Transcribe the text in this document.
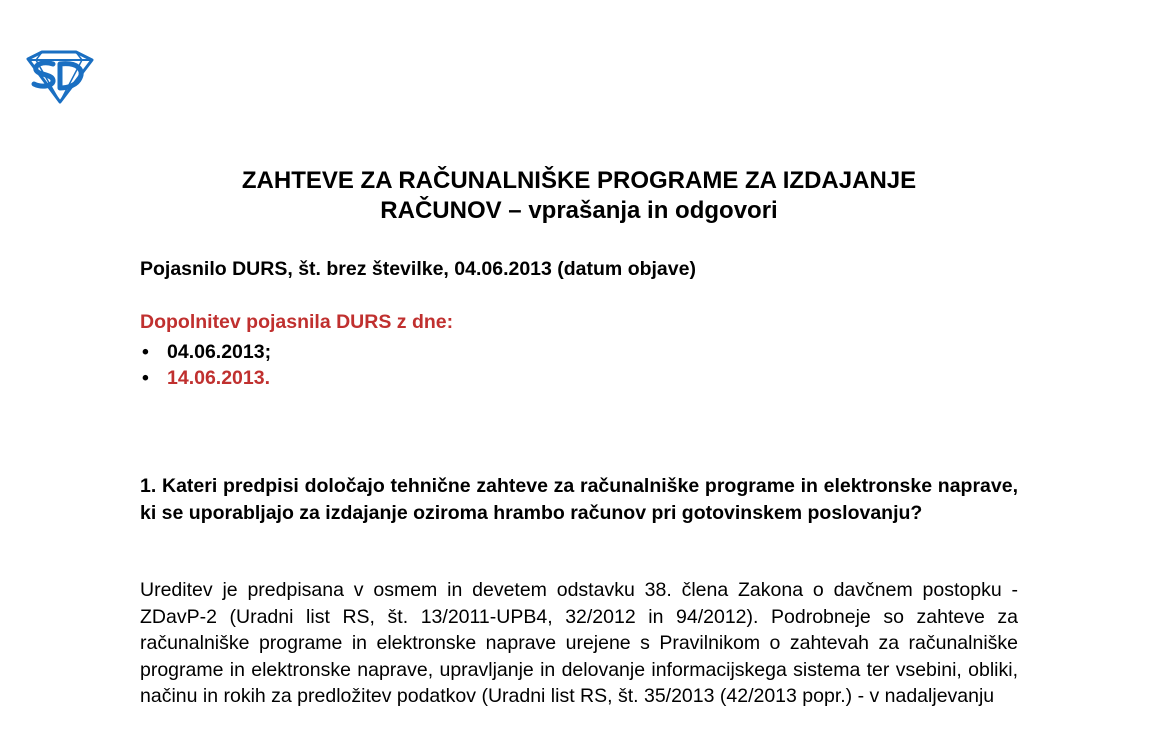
ZAHTEVE ZA RAČUNALNIŠKE PROGRAME ZA IZDAJANJE
RAČUNOV – vprašanja in odgovori

Pojasnilo DURS, št. brez številke, 04.06.2013 (datum objave)

Dopolnitev pojasnila DURS z dne:

• 04.06.2013;
• 14.06.2013.

1. Kateri predpisi določajo tehnične zahteve za računalniške programe in elektronske naprave, ki se uporabljajo za izdajanje oziroma hrambo računov pri gotovinskem poslovanju?

Ureditev je predpisana v osmem in devetem odstavku 38. člena Zakona o davčnem postopku - ZDavP-2 (Uradni list RS, št. 13/2011-UPB4, 32/2012 in 94/2012). Podrobneje so zahteve za računalniške programe in elektronske naprave urejene s Pravilnikom o zahtevah za računalniške programe in elektronske naprave, upravljanje in delovanje informacijskega sistema ter vsebini, obliki, načinu in rokih za predložitev podatkov (Uradni list RS, št. 35/2013 (42/2013 popr.) - v nadaljevanju
